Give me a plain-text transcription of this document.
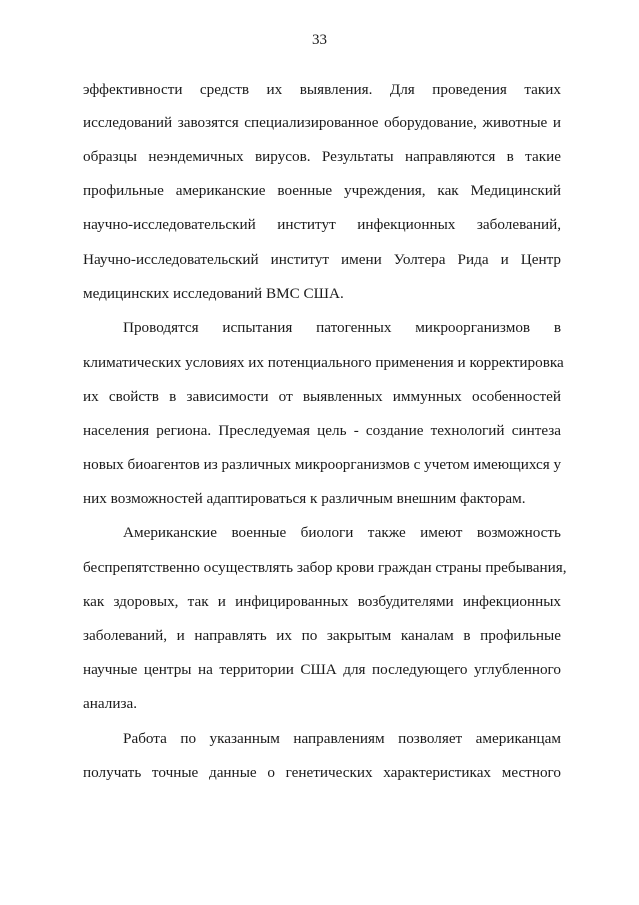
33
эффективности средств их выявления. Для проведения таких
исследований завозятся специализированное оборудование, животные и
образцы неэндемичных вирусов. Результаты направляются в такие
профильные американские военные учреждения, как Медицинский
научно-исследовательский институт инфекционных заболеваний,
Научно-исследовательский институт имени Уолтера Рида и Центр
медицинских исследований ВМС США.
Проводятся испытания патогенных микроорганизмов в
климатических условиях их потенциального применения и корректировка
их свойств в зависимости от выявленных иммунных особенностей
населения региона. Преследуемая цель - создание технологий синтеза
новых биоагентов из различных микроорганизмов с учетом имеющихся у
них возможностей адаптироваться к различным внешним факторам.
Американские военные биологи также имеют возможность
беспрепятственно осуществлять забор крови граждан страны пребывания,
как здоровых, так и инфицированных возбудителями инфекционных
заболеваний, и направлять их по закрытым каналам в профильные
научные центры на территории США для последующего углубленного
анализа.
Работа по указанным направлениям позволяет американцам
получать точные данные о генетических характеристиках местного
